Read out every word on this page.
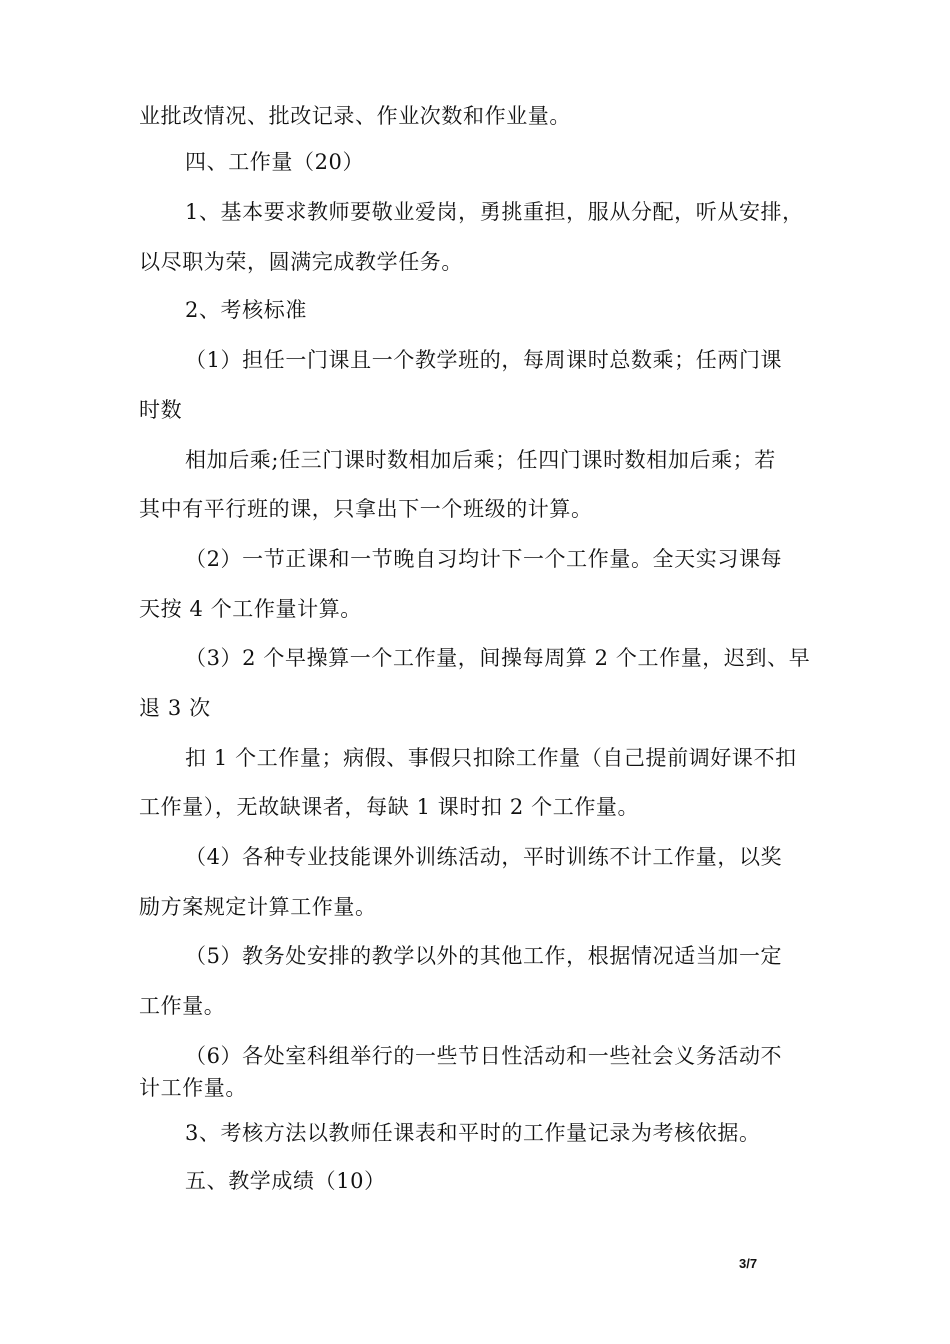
业批改情况、批改记录、作业次数和作业量。
四、工作量（20）
1、基本要求教师要敬业爱岗，勇挑重担，服从分配，听从安排，
以尽职为荣，圆满完成教学任务。
2、考核标准
（1）担任一门课且一个教学班的，每周课时总数乘；任两门课
时数
相加后乘;任三门课时数相加后乘；任四门课时数相加后乘；若
其中有平行班的课，只拿出下一个班级的计算。
（2）一节正课和一节晚自习均计下一个工作量。全天实习课每
天按 4 个工作量计算。
（3）2 个早操算一个工作量，间操每周算 2 个工作量，迟到、早
退 3 次
扣 1 个工作量；病假、事假只扣除工作量（自己提前调好课不扣
工作量），无故缺课者，每缺 1 课时扣 2 个工作量。
（4）各种专业技能课外训练活动，平时训练不计工作量，以奖
励方案规定计算工作量。
（5）教务处安排的教学以外的其他工作，根据情况适当加一定
工作量。
（6）各处室科组举行的一些节日性活动和一些社会义务活动不
计工作量。
3、考核方法以教师任课表和平时的工作量记录为考核依据。
五、教学成绩（10）
3/7
